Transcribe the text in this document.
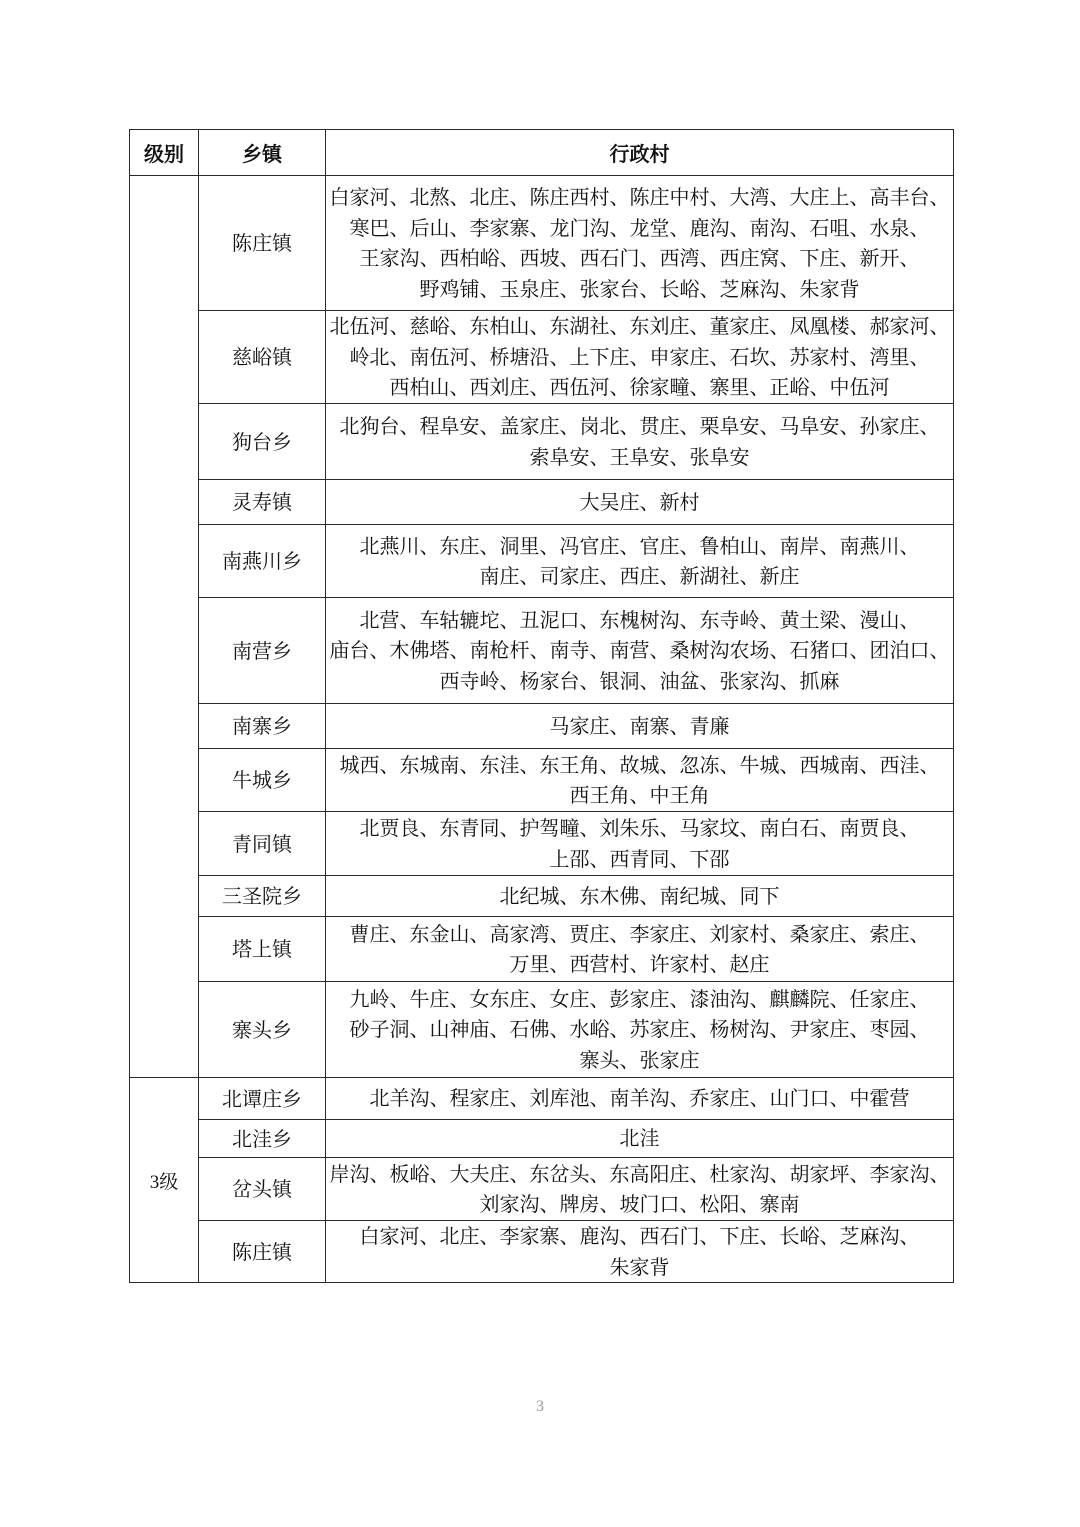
级别	乡镇	行政村
	陈庄镇	白家河、北熬、北庄、陈庄西村、陈庄中村、大湾、大庄上、高丰台、
寒巴、后山、李家寨、龙门沟、龙堂、鹿沟、南沟、石咀、水泉、
王家沟、西柏峪、西坡、西石门、西湾、西庄窝、下庄、新开、
野鸡铺、玉泉庄、张家台、长峪、芝麻沟、朱家背

	慈峪镇	北伍河、慈峪、东柏山、东湖社、东刘庄、董家庄、凤凰楼、郝家河、
岭北、南伍河、桥塘沿、上下庄、申家庄、石坎、苏家村、湾里、
西柏山、西刘庄、西伍河、徐家疃、寨里、正峪、中伍河

	狗台乡	北狗台、程阜安、盖家庄、岗北、贯庄、栗阜安、马阜安、孙家庄、
索阜安、王阜安、张阜安

	灵寿镇	大吴庄、新村

	南燕川乡	北燕川、东庄、洞里、冯官庄、官庄、鲁柏山、南岸、南燕川、
南庄、司家庄、西庄、新湖社、新庄

	南营乡	北营、车轱辘坨、丑泥口、东槐树沟、东寺岭、黄土梁、漫山、
庙台、木佛塔、南枪杆、南寺、南营、桑树沟农场、石猪口、团泊口、
西寺岭、杨家台、银洞、油盆、张家沟、抓麻

	南寨乡	马家庄、南寨、青廉

	牛城乡	城西、东城南、东洼、东王角、故城、忽冻、牛城、西城南、西洼、
西王角、中王角

	青同镇	北贾良、东青同、护驾疃、刘朱乐、马家坟、南白石、南贾良、
上邵、西青同、下邵

	三圣院乡	北纪城、东木佛、南纪城、同下

	塔上镇	曹庄、东金山、高家湾、贾庄、李家庄、刘家村、桑家庄、索庄、
万里、西营村、许家村、赵庄

	寨头乡	九岭、牛庄、女东庄、女庄、彭家庄、漆油沟、麒麟院、任家庄、
砂子洞、山神庙、石佛、水峪、苏家庄、杨树沟、尹家庄、枣园、
寨头、张家庄

3级	北谭庄乡	北羊沟、程家庄、刘库池、南羊沟、乔家庄、山门口、中霍营

	北洼乡	北洼

	岔头镇	岸沟、板峪、大夫庄、东岔头、东高阳庄、杜家沟、胡家坪、李家沟、
刘家沟、牌房、坡门口、松阳、寨南

	陈庄镇	白家河、北庄、李家寨、鹿沟、西石门、下庄、长峪、芝麻沟、
朱家背
3
